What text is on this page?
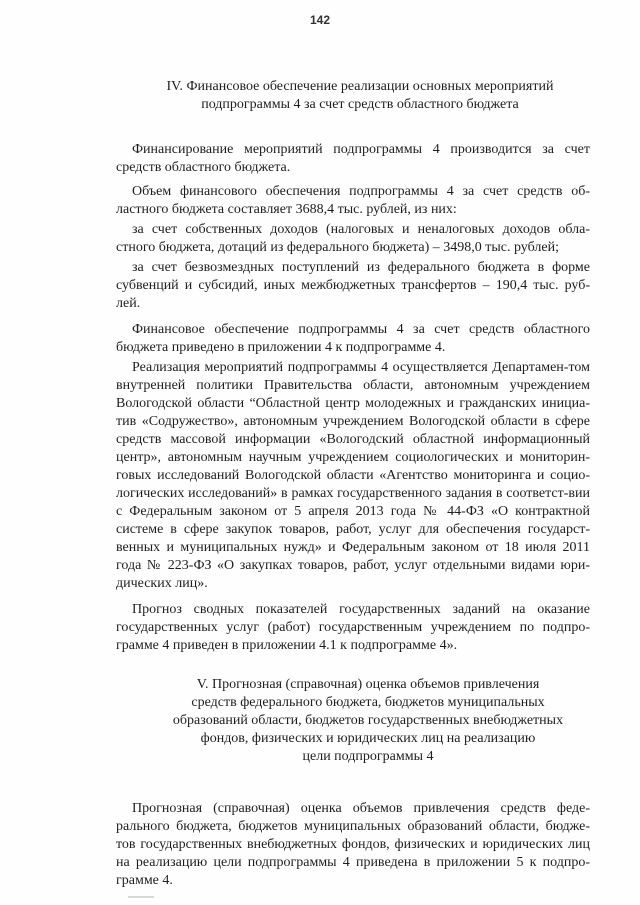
142
IV. Финансовое обеспечение реализации основных мероприятий
подпрограммы 4 за счет средств областного бюджета

Финансирование мероприятий подпрограммы 4 производится за счет средств областного бюджета.

Объем финансового обеспечения подпрограммы 4 за счет средств об-ластного бюджета составляет 3688,4 тыс. рублей, из них:

за счет собственных доходов (налоговых и неналоговых доходов обла-стного бюджета, дотаций из федерального бюджета) – 3498,0 тыс. рублей;

за счет безвозмездных поступлений из федерального бюджета в форме субвенций и субсидий, иных межбюджетных трансфертов – 190,4 тыс. руб-лей.

Финансовое обеспечение подпрограммы 4 за счет средств областного бюджета приведено в приложении 4 к подпрограмме 4.

Реализация мероприятий подпрограммы 4 осуществляется Департамен-том внутренней политики Правительства области, автономным учреждением Вологодской области “Областной центр молодежных и гражданских инициа-тив «Содружество», автономным учреждением Вологодской области в сфере средств массовой информации «Вологодский областной информационный центр», автономным научным учреждением социологических и мониторин-говых исследований Вологодской области «Агентство мониторинга и социо-логических исследований» в рамках государственного задания в соответст-вии с Федеральным законом от 5 апреля 2013 года № 44-ФЗ «О контрактной системе в сфере закупок товаров, работ, услуг для обеспечения государст-венных и муниципальных нужд» и Федеральным законом от 18 июля 2011 года № 223-ФЗ «О закупках товаров, работ, услуг отдельными видами юри-дических лиц».

Прогноз сводных показателей государственных заданий на оказание государственных услуг (работ) государственным учреждением по подпро-грамме 4 приведен в приложении 4.1 к подпрограмме 4».

V. Прогнозная (справочная) оценка объемов привлечения
средств федерального бюджета, бюджетов муниципальных
образований области, бюджетов государственных внебюджетных
фондов, физических и юридических лиц на реализацию
цели подпрограммы 4

Прогнозная (справочная) оценка объемов привлечения средств феде-рального бюджета, бюджетов муниципальных образований области, бюдже-тов государственных внебюджетных фондов, физических и юридических лиц на реализацию цели подпрограммы 4 приведена в приложении 5 к подпро-грамме 4.
